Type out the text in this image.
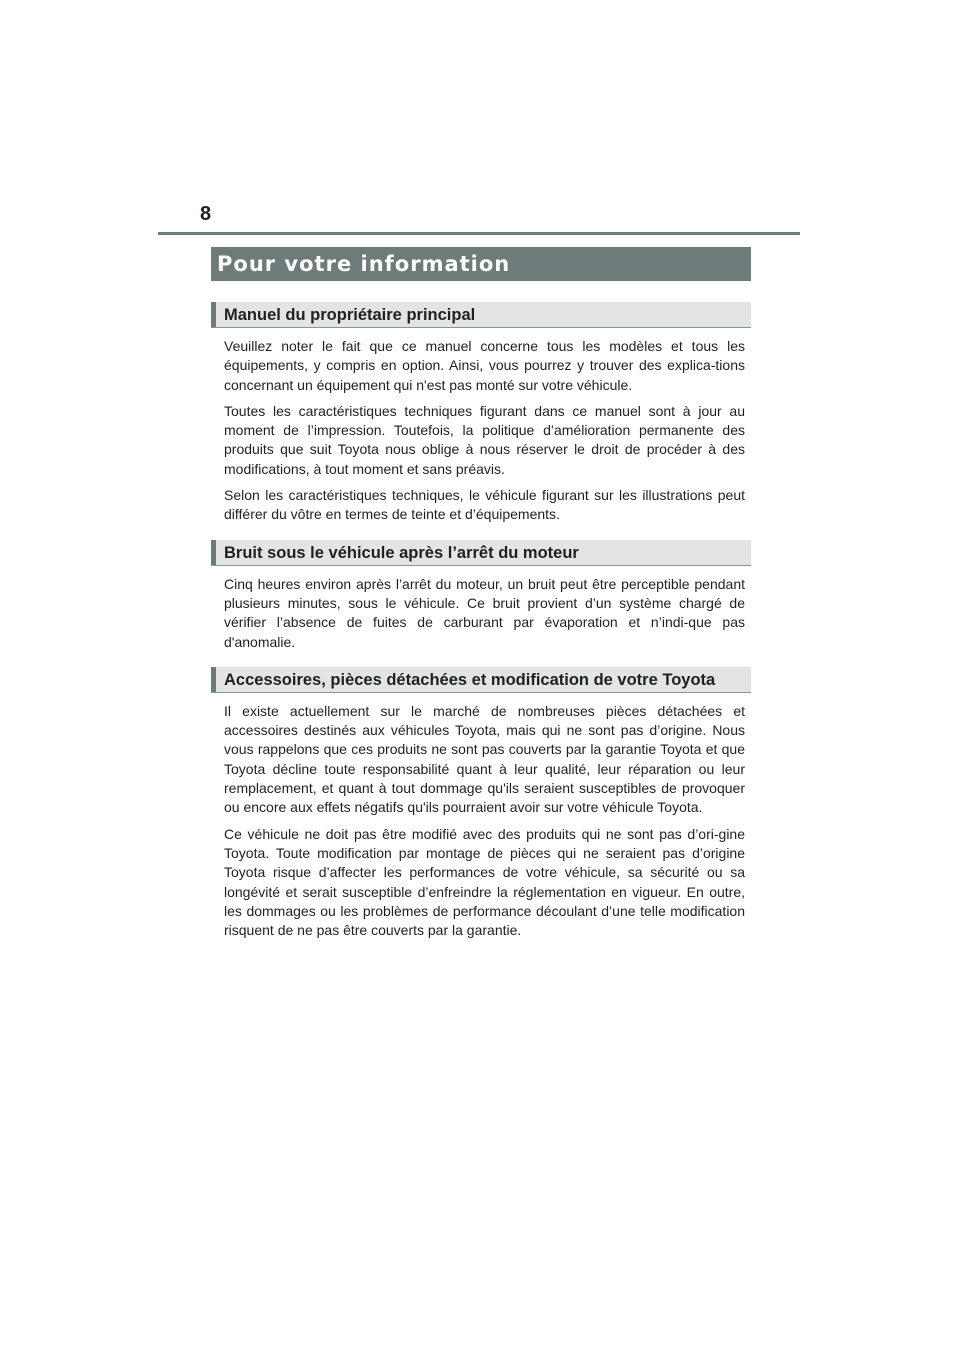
8
Pour votre information
Manuel du propriétaire principal

Veuillez noter le fait que ce manuel concerne tous les modèles et tous les équipements, y compris en option. Ainsi, vous pourrez y trouver des explica-tions concernant un équipement qui n'est pas monté sur votre véhicule.

Toutes les caractéristiques techniques figurant dans ce manuel sont à jour au moment de l’impression. Toutefois, la politique d’amélioration permanente des produits que suit Toyota nous oblige à nous réserver le droit de procéder à des modifications, à tout moment et sans préavis.

Selon les caractéristiques techniques, le véhicule figurant sur les illustrations peut différer du vôtre en termes de teinte et d’équipements.

Bruit sous le véhicule après l’arrêt du moteur

Cinq heures environ après l’arrêt du moteur, un bruit peut être perceptible pendant plusieurs minutes, sous le véhicule. Ce bruit provient d’un système chargé de vérifier l’absence de fuites de carburant par évaporation et n’indi-que pas d'anomalie.

Accessoires, pièces détachées et modification de votre Toyota

Il existe actuellement sur le marché de nombreuses pièces détachées et accessoires destinés aux véhicules Toyota, mais qui ne sont pas d’origine. Nous vous rappelons que ces produits ne sont pas couverts par la garantie Toyota et que Toyota décline toute responsabilité quant à leur qualité, leur réparation ou leur remplacement, et quant à tout dommage qu'ils seraient susceptibles de provoquer ou encore aux effets négatifs qu'ils pourraient avoir sur votre véhicule Toyota.

Ce véhicule ne doit pas être modifié avec des produits qui ne sont pas d’ori-gine Toyota. Toute modification par montage de pièces qui ne seraient pas d’origine Toyota risque d’affecter les performances de votre véhicule, sa sécurité ou sa longévité et serait susceptible d’enfreindre la réglementation en vigueur. En outre, les dommages ou les problèmes de performance découlant d’une telle modification risquent de ne pas être couverts par la garantie.
